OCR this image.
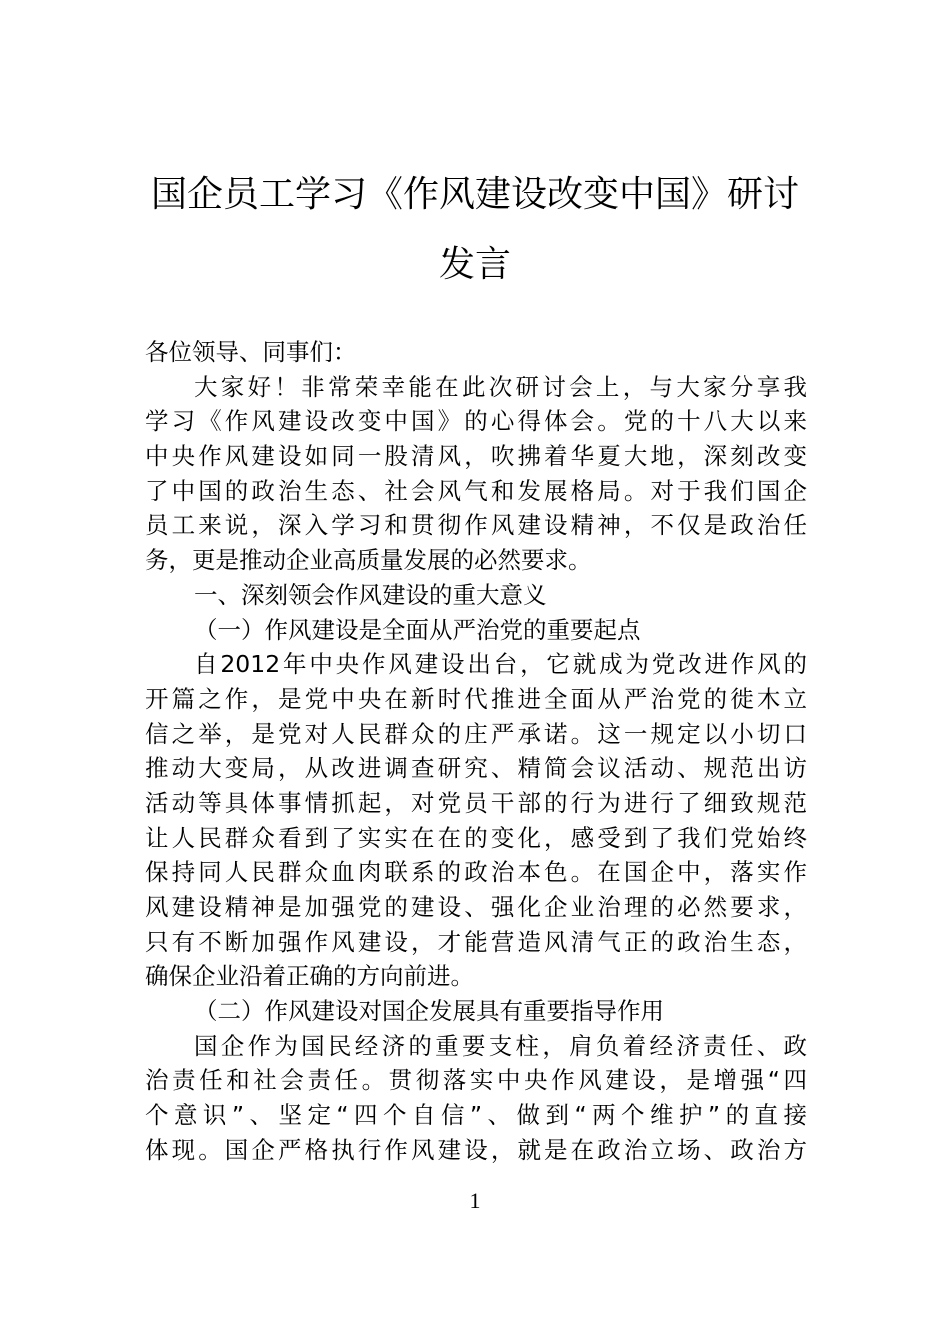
国企员工学习《作风建设改变中国》研讨
发言
各位领导、同事们：
大家好！非常荣幸能在此次研讨会上，与大家分享我
学习《作风建设改变中国》的心得体会。党的十八大以来
中央作风建设如同一股清风，吹拂着华夏大地，深刻改变
了中国的政治生态、社会风气和发展格局。对于我们国企
员工来说，深入学习和贯彻作风建设精神，不仅是政治任
务，更是推动企业高质量发展的必然要求。
一、深刻领会作风建设的重大意义
（一）作风建设是全面从严治党的重要起点
自2012年中央作风建设出台，它就成为党改进作风的
开篇之作，是党中央在新时代推进全面从严治党的徙木立
信之举，是党对人民群众的庄严承诺。这一规定以小切口
推动大变局，从改进调查研究、精简会议活动、规范出访
活动等具体事情抓起，对党员干部的行为进行了细致规范
让人民群众看到了实实在在的变化，感受到了我们党始终
保持同人民群众血肉联系的政治本色。在国企中，落实作
风建设精神是加强党的建设、强化企业治理的必然要求，
只有不断加强作风建设，才能营造风清气正的政治生态，
确保企业沿着正确的方向前进。
（二）作风建设对国企发展具有重要指导作用
国企作为国民经济的重要支柱，肩负着经济责任、政
治责任和社会责任。贯彻落实中央作风建设，是增强“四
个意识”、坚定“四个自信”、做到“两个维护”的直接
体现。国企严格执行作风建设，就是在政治立场、政治方
1
